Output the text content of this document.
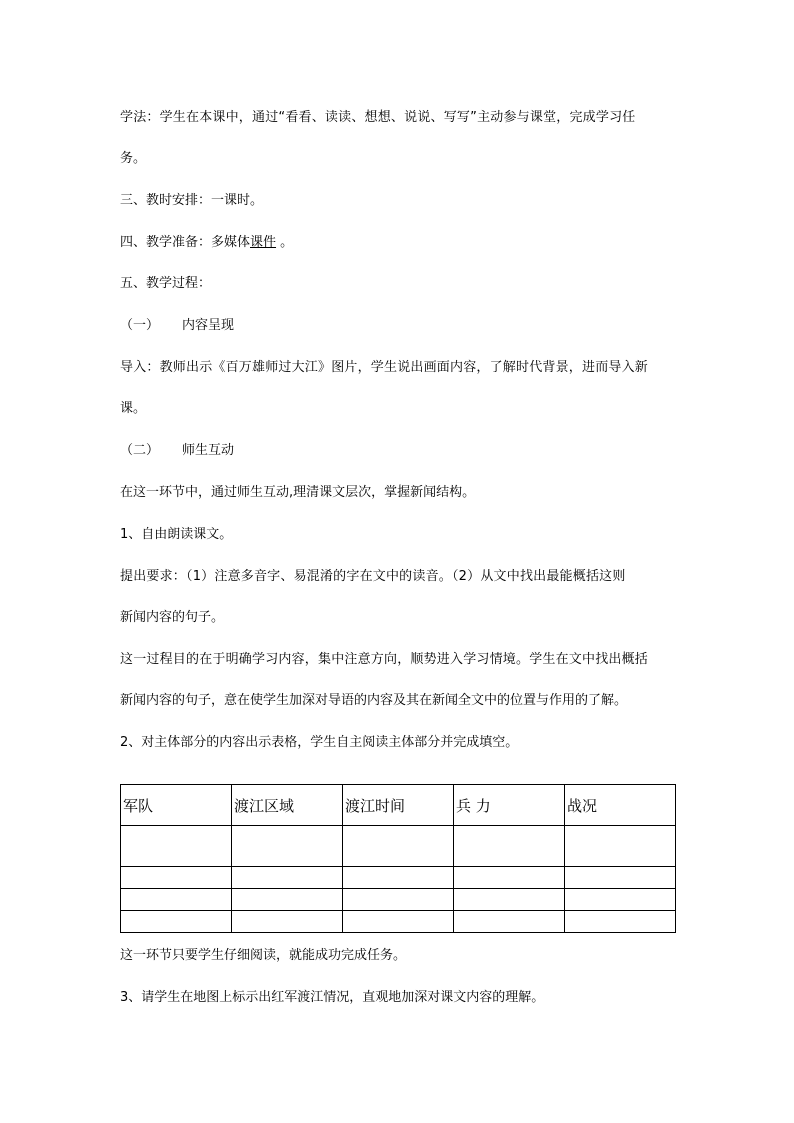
学法：学生在本课中，通过“看看、读读、想想、说说、写写”主动参与课堂，完成学习任
务。
三、教时安排：一课时。
四、教学准备：多媒体课件 。
五、教学过程：
（一） 内容呈现
导入：教师出示《百万雄师过大江》图片，学生说出画面内容，了解时代背景，进而导入新
课。
（二） 师生互动
在这一环节中，通过师生互动,理清课文层次，掌握新闻结构。
1、自由朗读课文。
提出要求：（1）注意多音字、易混淆的字在文中的读音。（2）从文中找出最能概括这则
新闻内容的句子。
这一过程目的在于明确学习内容，集中注意方向，顺势进入学习情境。学生在文中找出概括
新闻内容的句子，意在使学生加深对导语的内容及其在新闻全文中的位置与作用的了解。
2、对主体部分的内容出示表格，学生自主阅读主体部分并完成填空。
军队	渡江区域	渡江时间	兵 力	战况

这一环节只要学生仔细阅读，就能成功完成任务。
3、请学生在地图上标示出红军渡江情况，直观地加深对课文内容的理解。
